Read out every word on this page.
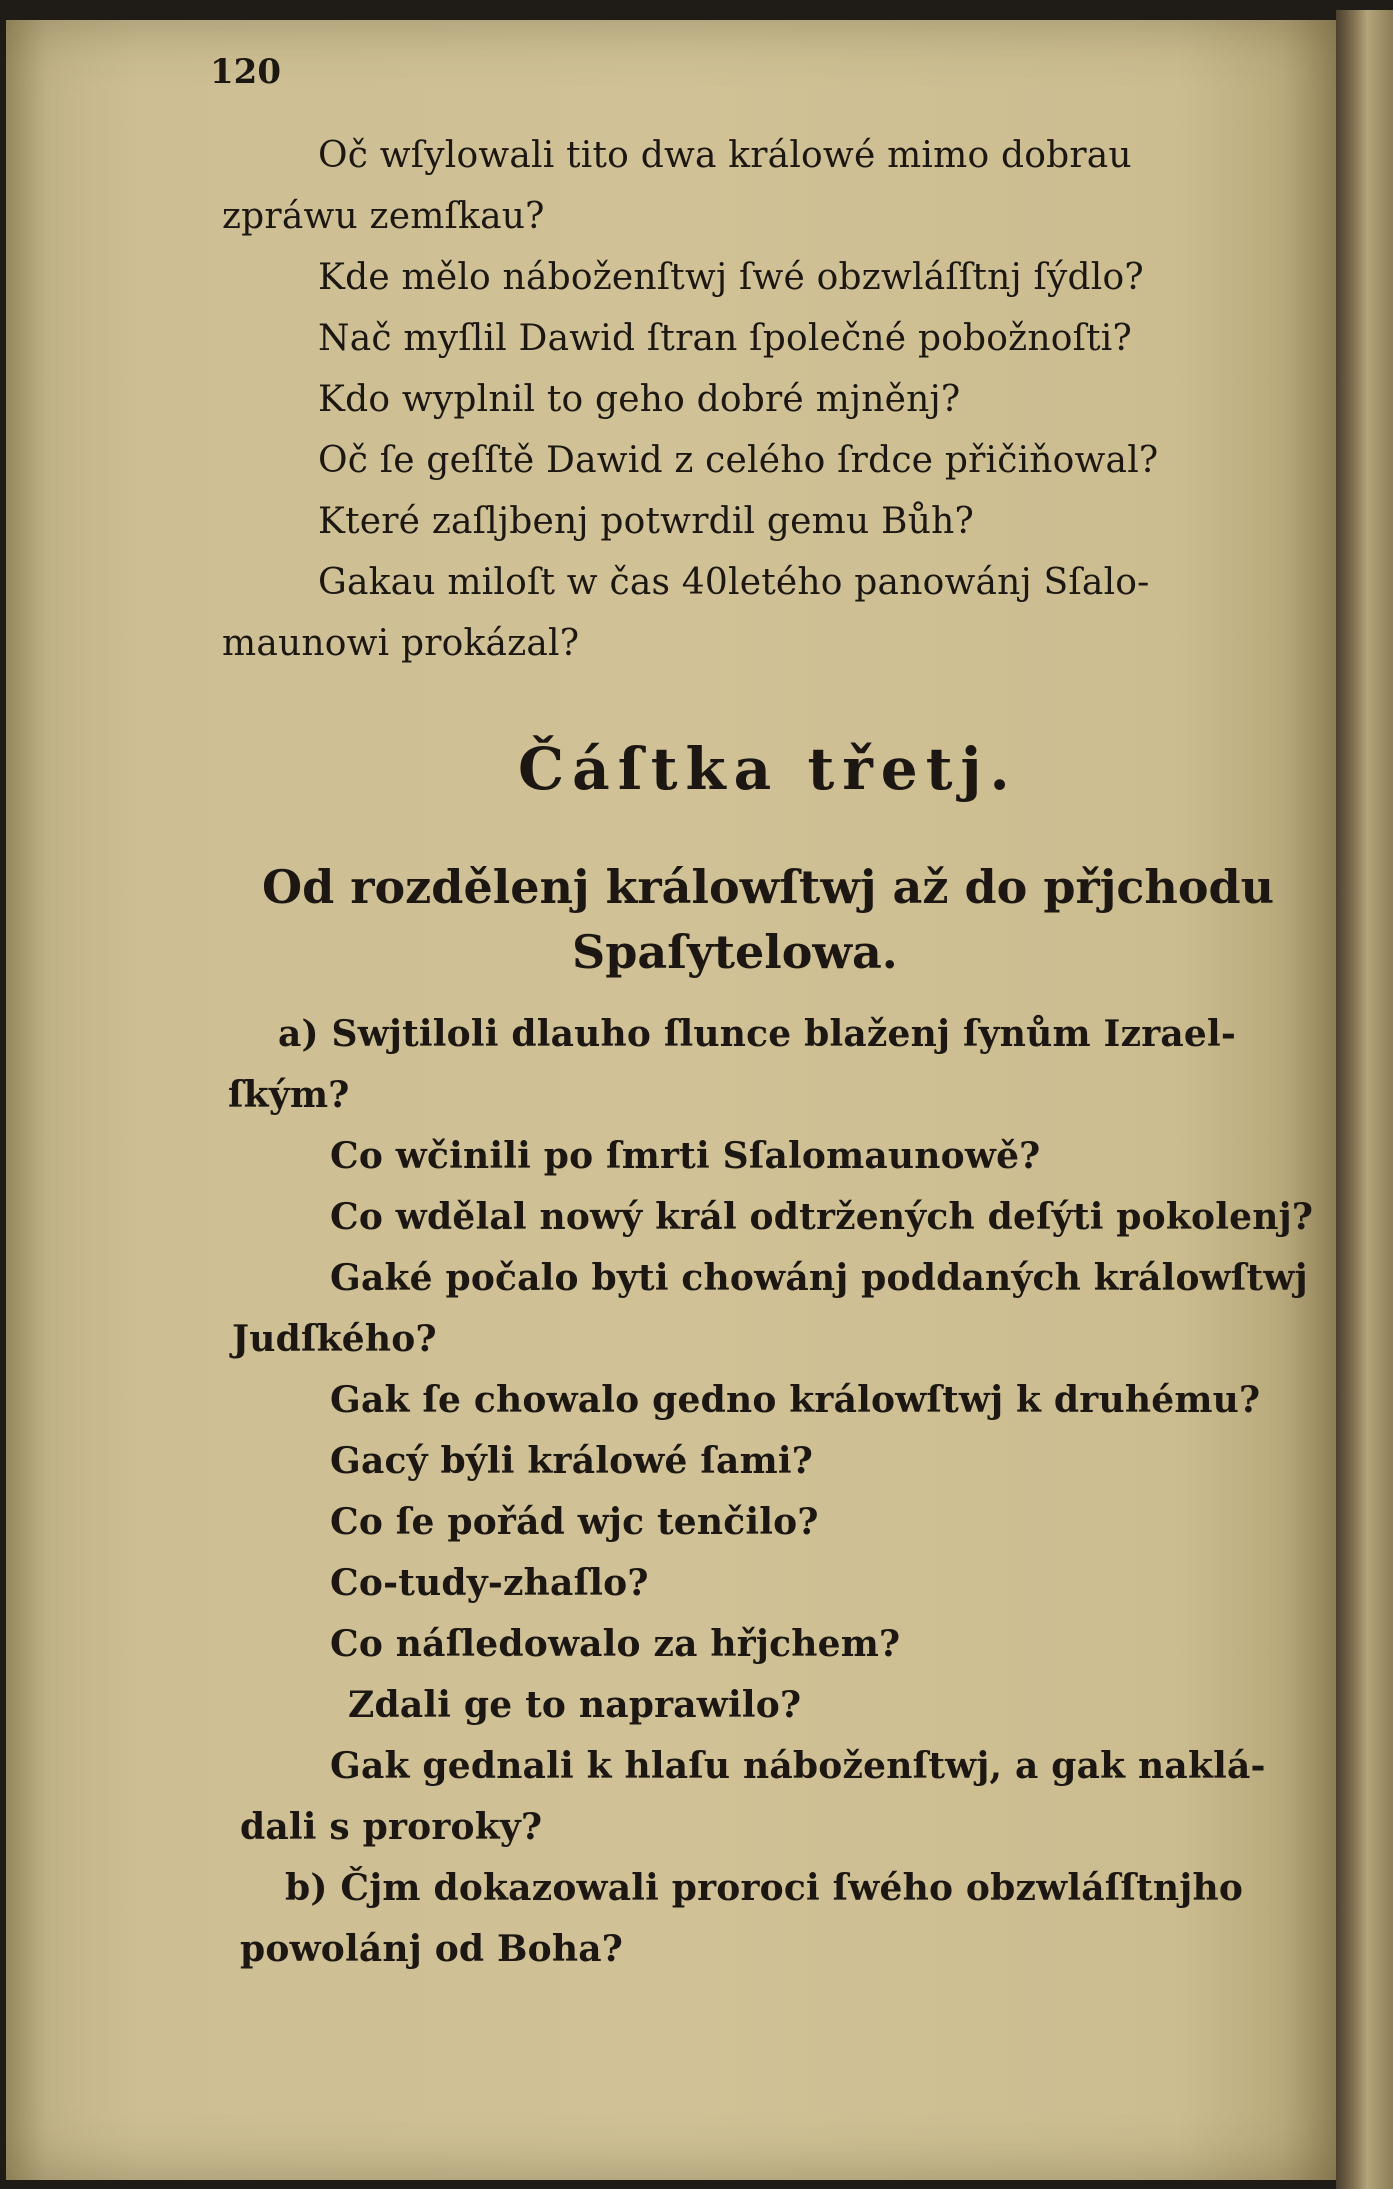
120
Oč wſylowali tito dwa králowé mimo dobrau
zpráwu zemſkau?
Kde mělo náboženſtwj ſwé obzwláſſtnj ſýdlo?
Nač myſlil Dawid ſtran ſpolečné pobožnoſti?
Kdo wyplnil to geho dobré mjněnj?
Oč ſe geſſtě Dawid z celého ſrdce přičiňowal?
Které zaſljbenj potwrdil gemu Bůh?
Gakau miloſt w čas 40letého panowánj Sſalo-
maunowi prokázal?
Čáſtka třetj.
Od rozdělenj králowſtwj až do přjchodu
Spaſytelowa.
a) Swjtiloli dlauho ſlunce blaženj ſynům Izrael-
ſkým?
Co wčinili po ſmrti Sſalomaunowě?
Co wdělal nowý král odtržených deſýti pokolenj?
Gaké počalo byti chowánj poddaných králowſtwj
Judſkého?
Gak ſe chowalo gedno králowſtwj k druhému?
Gacý býli králowé ſami?
Co ſe pořád wjc tenčilo?
Co-tudy-zhaſlo?
Co náſledowalo za hřjchem?
Zdali ge to naprawilo?
Gak gednali k hlaſu náboženſtwj, a gak naklá-
dali s proroky?
b) Čjm dokazowali proroci ſwého obzwláſſtnjho
powolánj od Boha?
